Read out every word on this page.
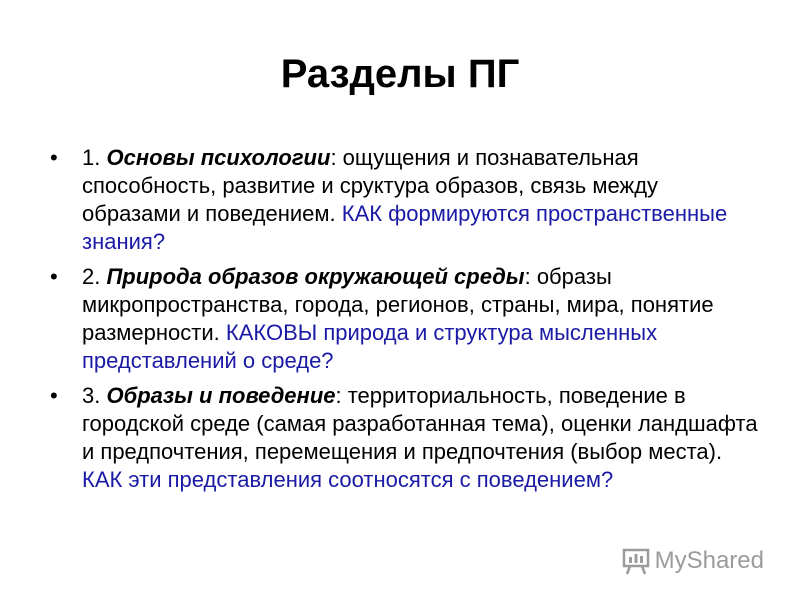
Разделы ПГ
• 1. Основы психологии: ощущения и познавательная способность, развитие и сруктура образов, связь между образами и поведением. КАК формируются пространственные знания?
• 2. Природа образов окружающей среды: образы микропространства, города, регионов, страны, мира, понятие размерности. КАКОВЫ природа и структура мысленных представлений о среде?
• 3. Образы и поведение: территориальность, поведение в городской среде (самая разработанная тема), оценки ландшафта и предпочтения, перемещения и предпочтения (выбор места). КАК эти представления соотносятся с поведением?
MyShared
